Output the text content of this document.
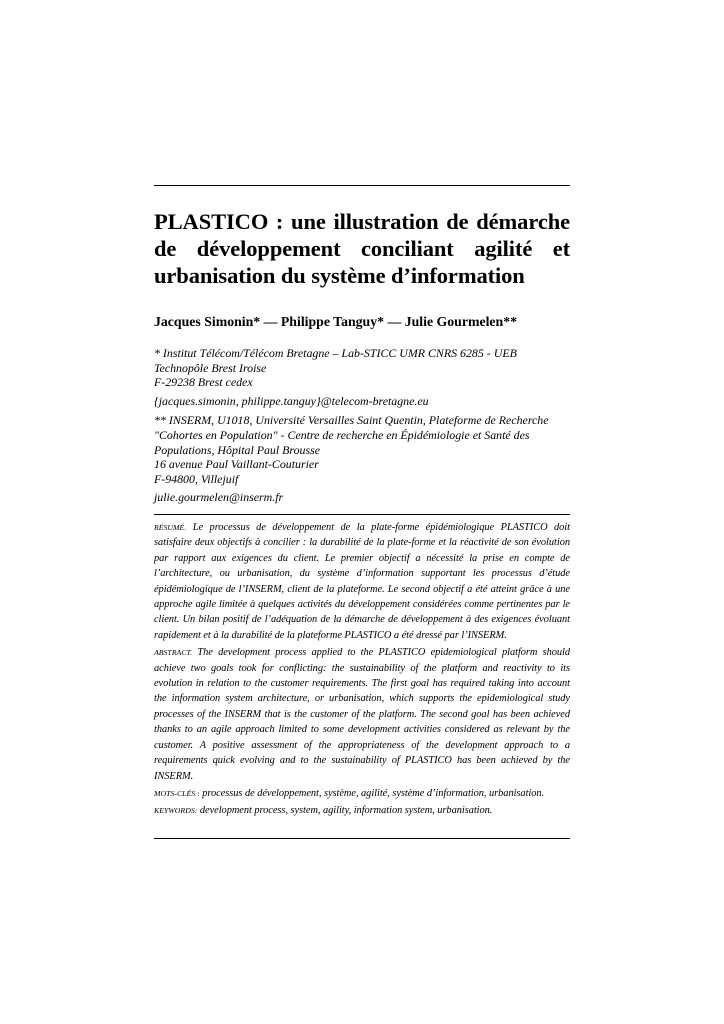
PLASTICO : une illustration de démarche de développement conciliant agilité et urbanisation du système d’information
Jacques Simonin* — Philippe Tanguy* — Julie Gourmelen**
* Institut Télécom/Télécom Bretagne – Lab-STICC UMR CNRS 6285 - UEB
Technopôle Brest Iroise
F-29238 Brest cedex
{jacques.simonin, philippe.tanguy}@telecom-bretagne.eu
** INSERM, U1018, Université Versailles Saint Quentin, Plateforme de Recherche
"Cohortes en Population" - Centre de recherche en Épidémiologie et Santé des
Populations, Hôpital Paul Brousse
16 avenue Paul Vaillant-Couturier
F-94800, Villejuif
julie.gourmelen@inserm.fr

RÉSUMÉ. Le processus de développement de la plate-forme épidémiologique PLASTICO doit satisfaire deux objectifs à concilier : la durabilité de la plate-forme et la réactivité de son évolution par rapport aux exigences du client. Le premier objectif a nécessité la prise en compte de l’architecture, ou urbanisation, du système d’information supportant les processus d’étude épidémiologique de l’INSERM, client de la plateforme. Le second objectif a été atteint grâce à une approche agile limitée à quelques activités du développement considérées comme pertinentes par le client. Un bilan positif de l’adéquation de la démarche de développement à des exigences évoluant rapidement et à la durabilité de la plateforme PLASTICO a été dressé par l’INSERM.

ABSTRACT. The development process applied to the PLASTICO epidemiological platform should achieve two goals took for conflicting: the sustainability of the platform and reactivity to its evolution in relation to the customer requirements. The first goal has required taking into account the information system architecture, or urbanisation, which supports the epidemiological study processes of the INSERM that is the customer of the platform. The second goal has been achieved thanks to an agile approach limited to some development activities considered as relevant by the customer. A positive assessment of the appropriateness of the development approach to a requirements quick evolving and to the sustainability of PLASTICO has been achieved by the INSERM.

MOTS-CLÉS : processus de développement, système, agilité, système d’information, urbanisation.

KEYWORDS: development process, system, agility, information system, urbanisation.
